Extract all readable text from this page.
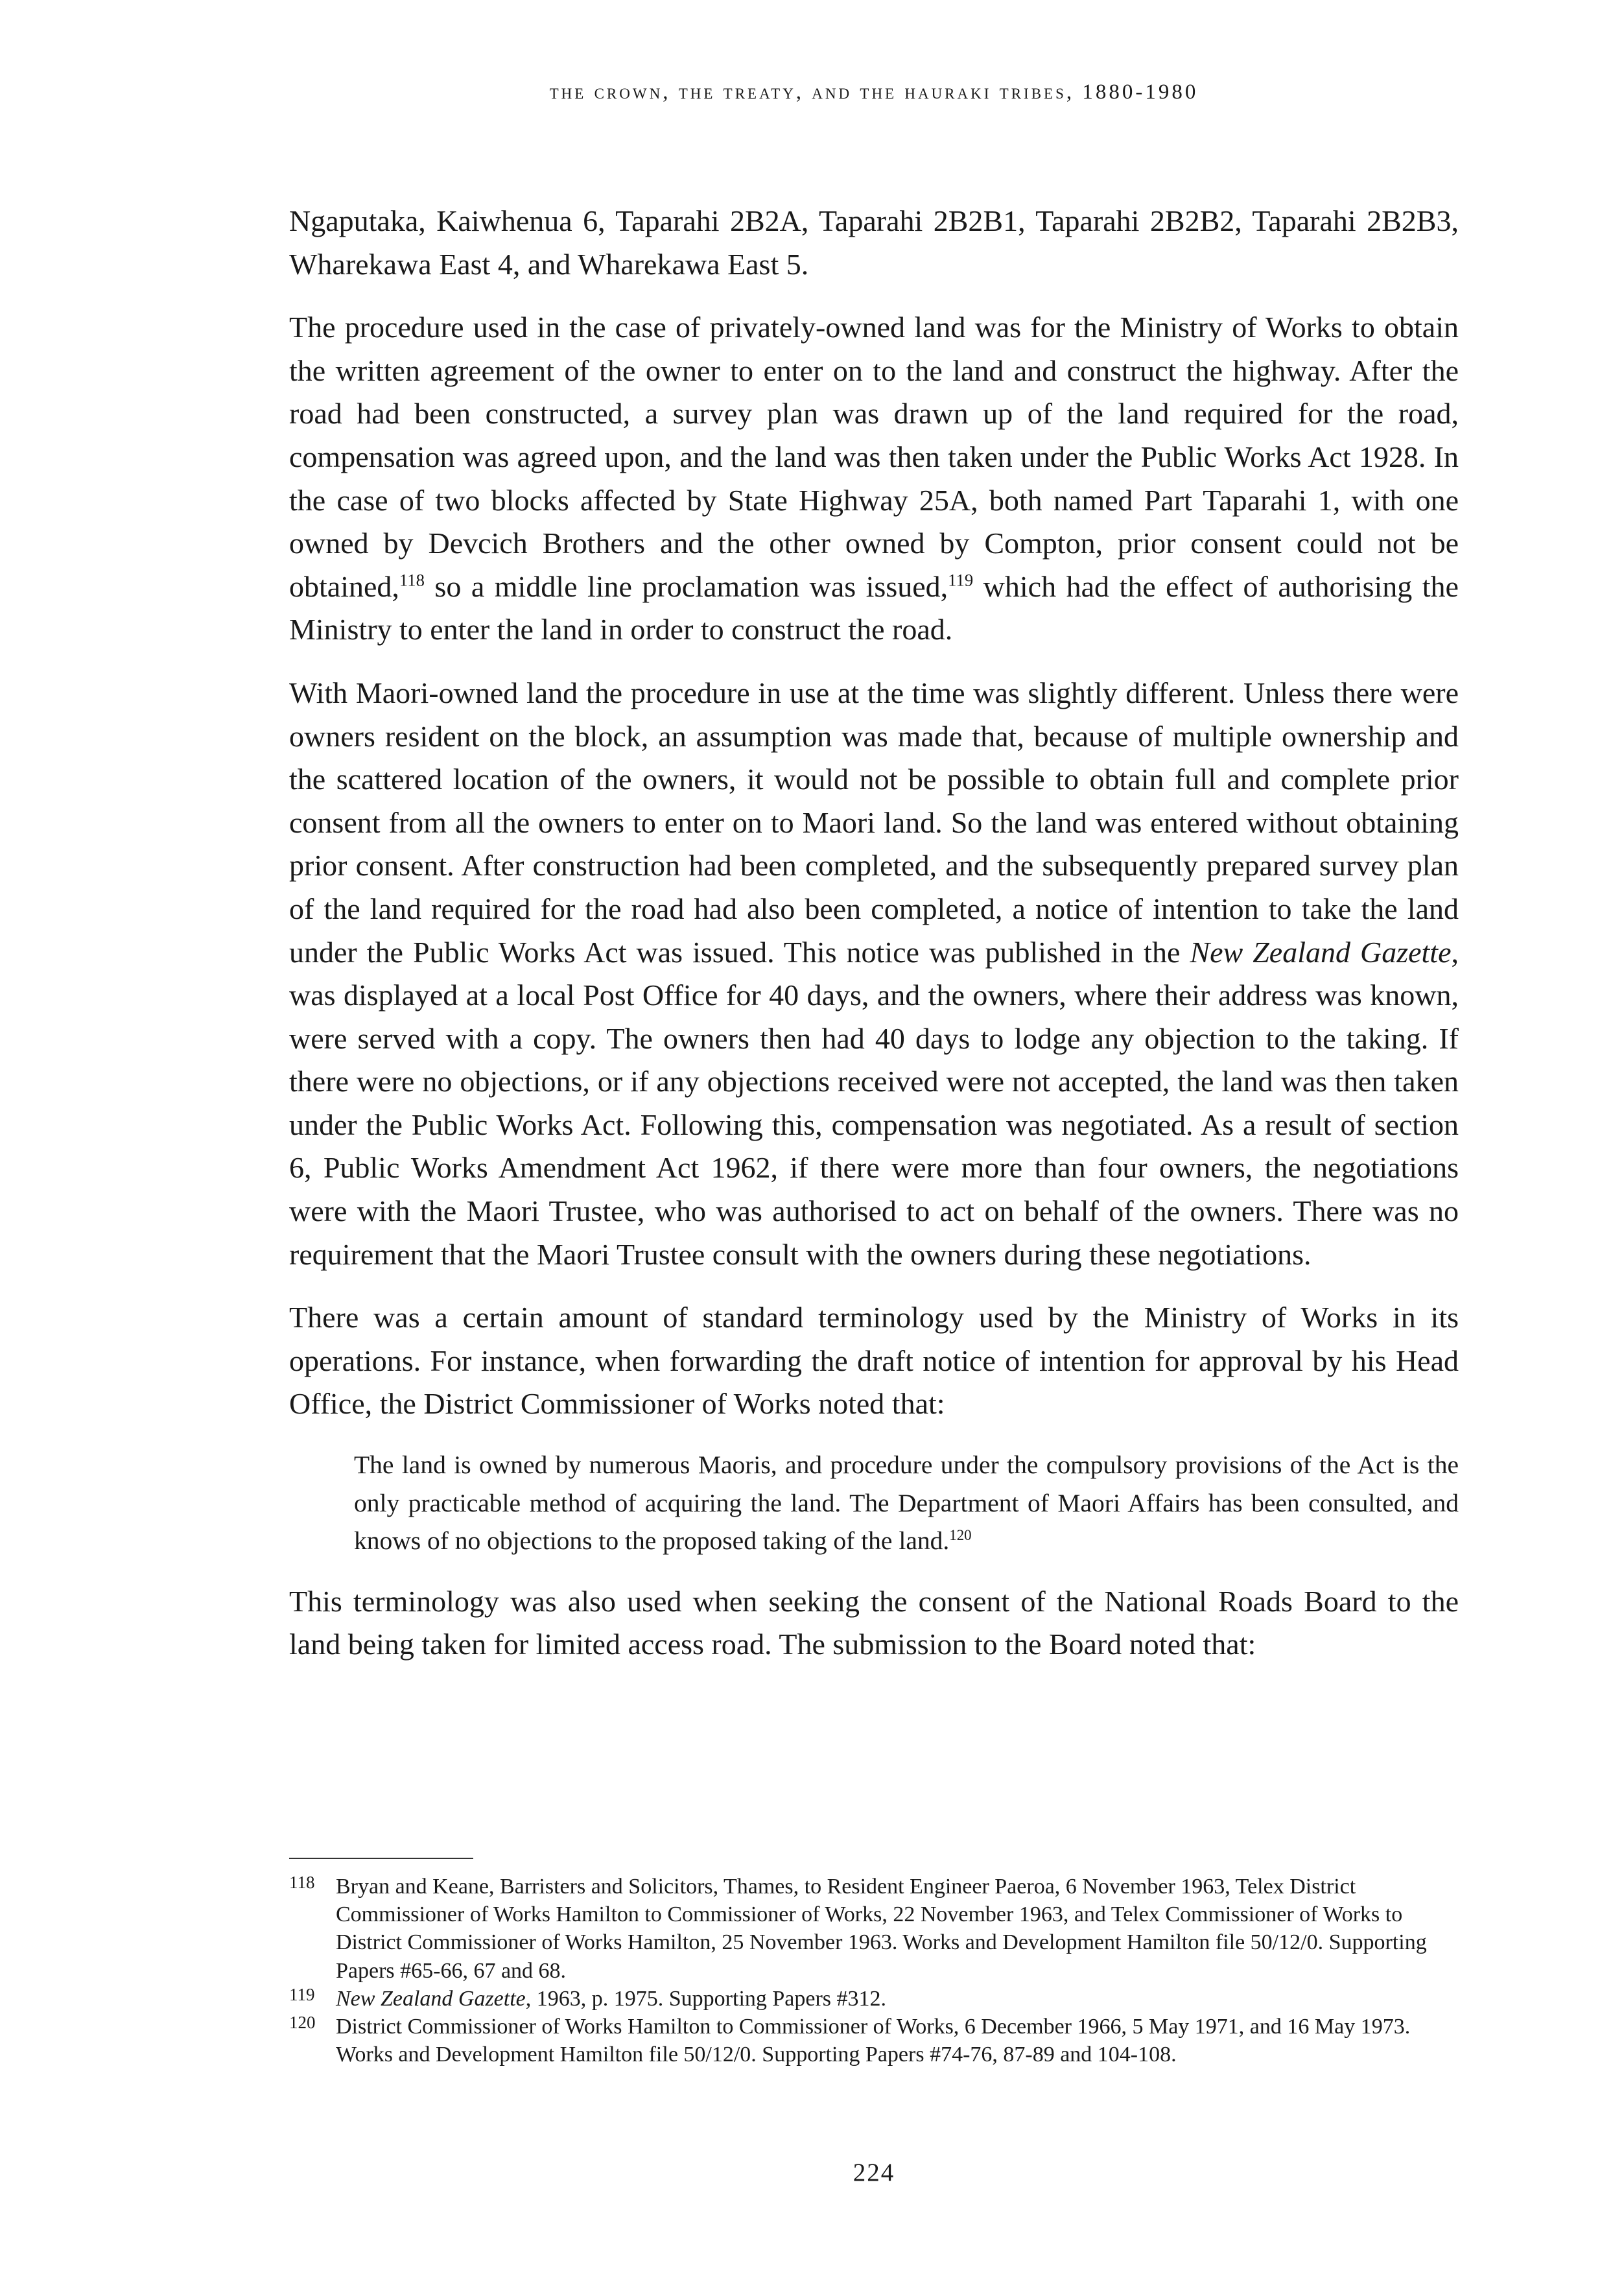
the crown, the treaty, and the hauraki tribes, 1880-1980

Ngaputaka, Kaiwhenua 6, Taparahi 2B2A, Taparahi 2B2B1, Taparahi 2B2B2, Taparahi 2B2B3, Wharekawa East 4, and Wharekawa East 5.

The procedure used in the case of privately-owned land was for the Ministry of Works to obtain the written agreement of the owner to enter on to the land and construct the highway. After the road had been constructed, a survey plan was drawn up of the land required for the road, compensation was agreed upon, and the land was then taken under the Public Works Act 1928. In the case of two blocks affected by State Highway 25A, both named Part Taparahi 1, with one owned by Devcich Brothers and the other owned by Compton, prior consent could not be obtained,$^{118}$ so a middle line proclamation was issued,$^{119}$ which had the effect of authorising the Ministry to enter the land in order to construct the road.

With Maori-owned land the procedure in use at the time was slightly different. Unless there were owners resident on the block, an assumption was made that, because of multiple ownership and the scattered location of the owners, it would not be possible to obtain full and complete prior consent from all the owners to enter on to Maori land. So the land was entered without obtaining prior consent. After construction had been completed, and the subsequently prepared survey plan of the land required for the road had also been completed, a notice of intention to take the land under the Public Works Act was issued. This notice was published in the New Zealand Gazette, was displayed at a local Post Office for 40 days, and the owners, where their address was known, were served with a copy. The owners then had 40 days to lodge any objection to the taking. If there were no objections, or if any objections received were not accepted, the land was then taken under the Public Works Act. Following this, compensation was negotiated. As a result of section 6, Public Works Amendment Act 1962, if there were more than four owners, the negotiations were with the Maori Trustee, who was authorised to act on behalf of the owners. There was no requirement that the Maori Trustee consult with the owners during these negotiations.

There was a certain amount of standard terminology used by the Ministry of Works in its operations. For instance, when forwarding the draft notice of intention for approval by his Head Office, the District Commissioner of Works noted that:

The land is owned by numerous Maoris, and procedure under the compulsory provisions of the Act is the only practicable method of acquiring the land. The Department of Maori Affairs has been consulted, and knows of no objections to the proposed taking of the land.$^{120}$

This terminology was also used when seeking the consent of the National Roads Board to the land being taken for limited access road. The submission to the Board noted that:

118 Bryan and Keane, Barristers and Solicitors, Thames, to Resident Engineer Paeroa, 6 November 1963, Telex District Commissioner of Works Hamilton to Commissioner of Works, 22 November 1963, and Telex Commissioner of Works to District Commissioner of Works Hamilton, 25 November 1963. Works and Development Hamilton file 50/12/0. Supporting Papers #65-66, 67 and 68.
119 New Zealand Gazette, 1963, p. 1975. Supporting Papers #312.
120 District Commissioner of Works Hamilton to Commissioner of Works, 6 December 1966, 5 May 1971, and 16 May 1973. Works and Development Hamilton file 50/12/0. Supporting Papers #74-76, 87-89 and 104-108.
224
